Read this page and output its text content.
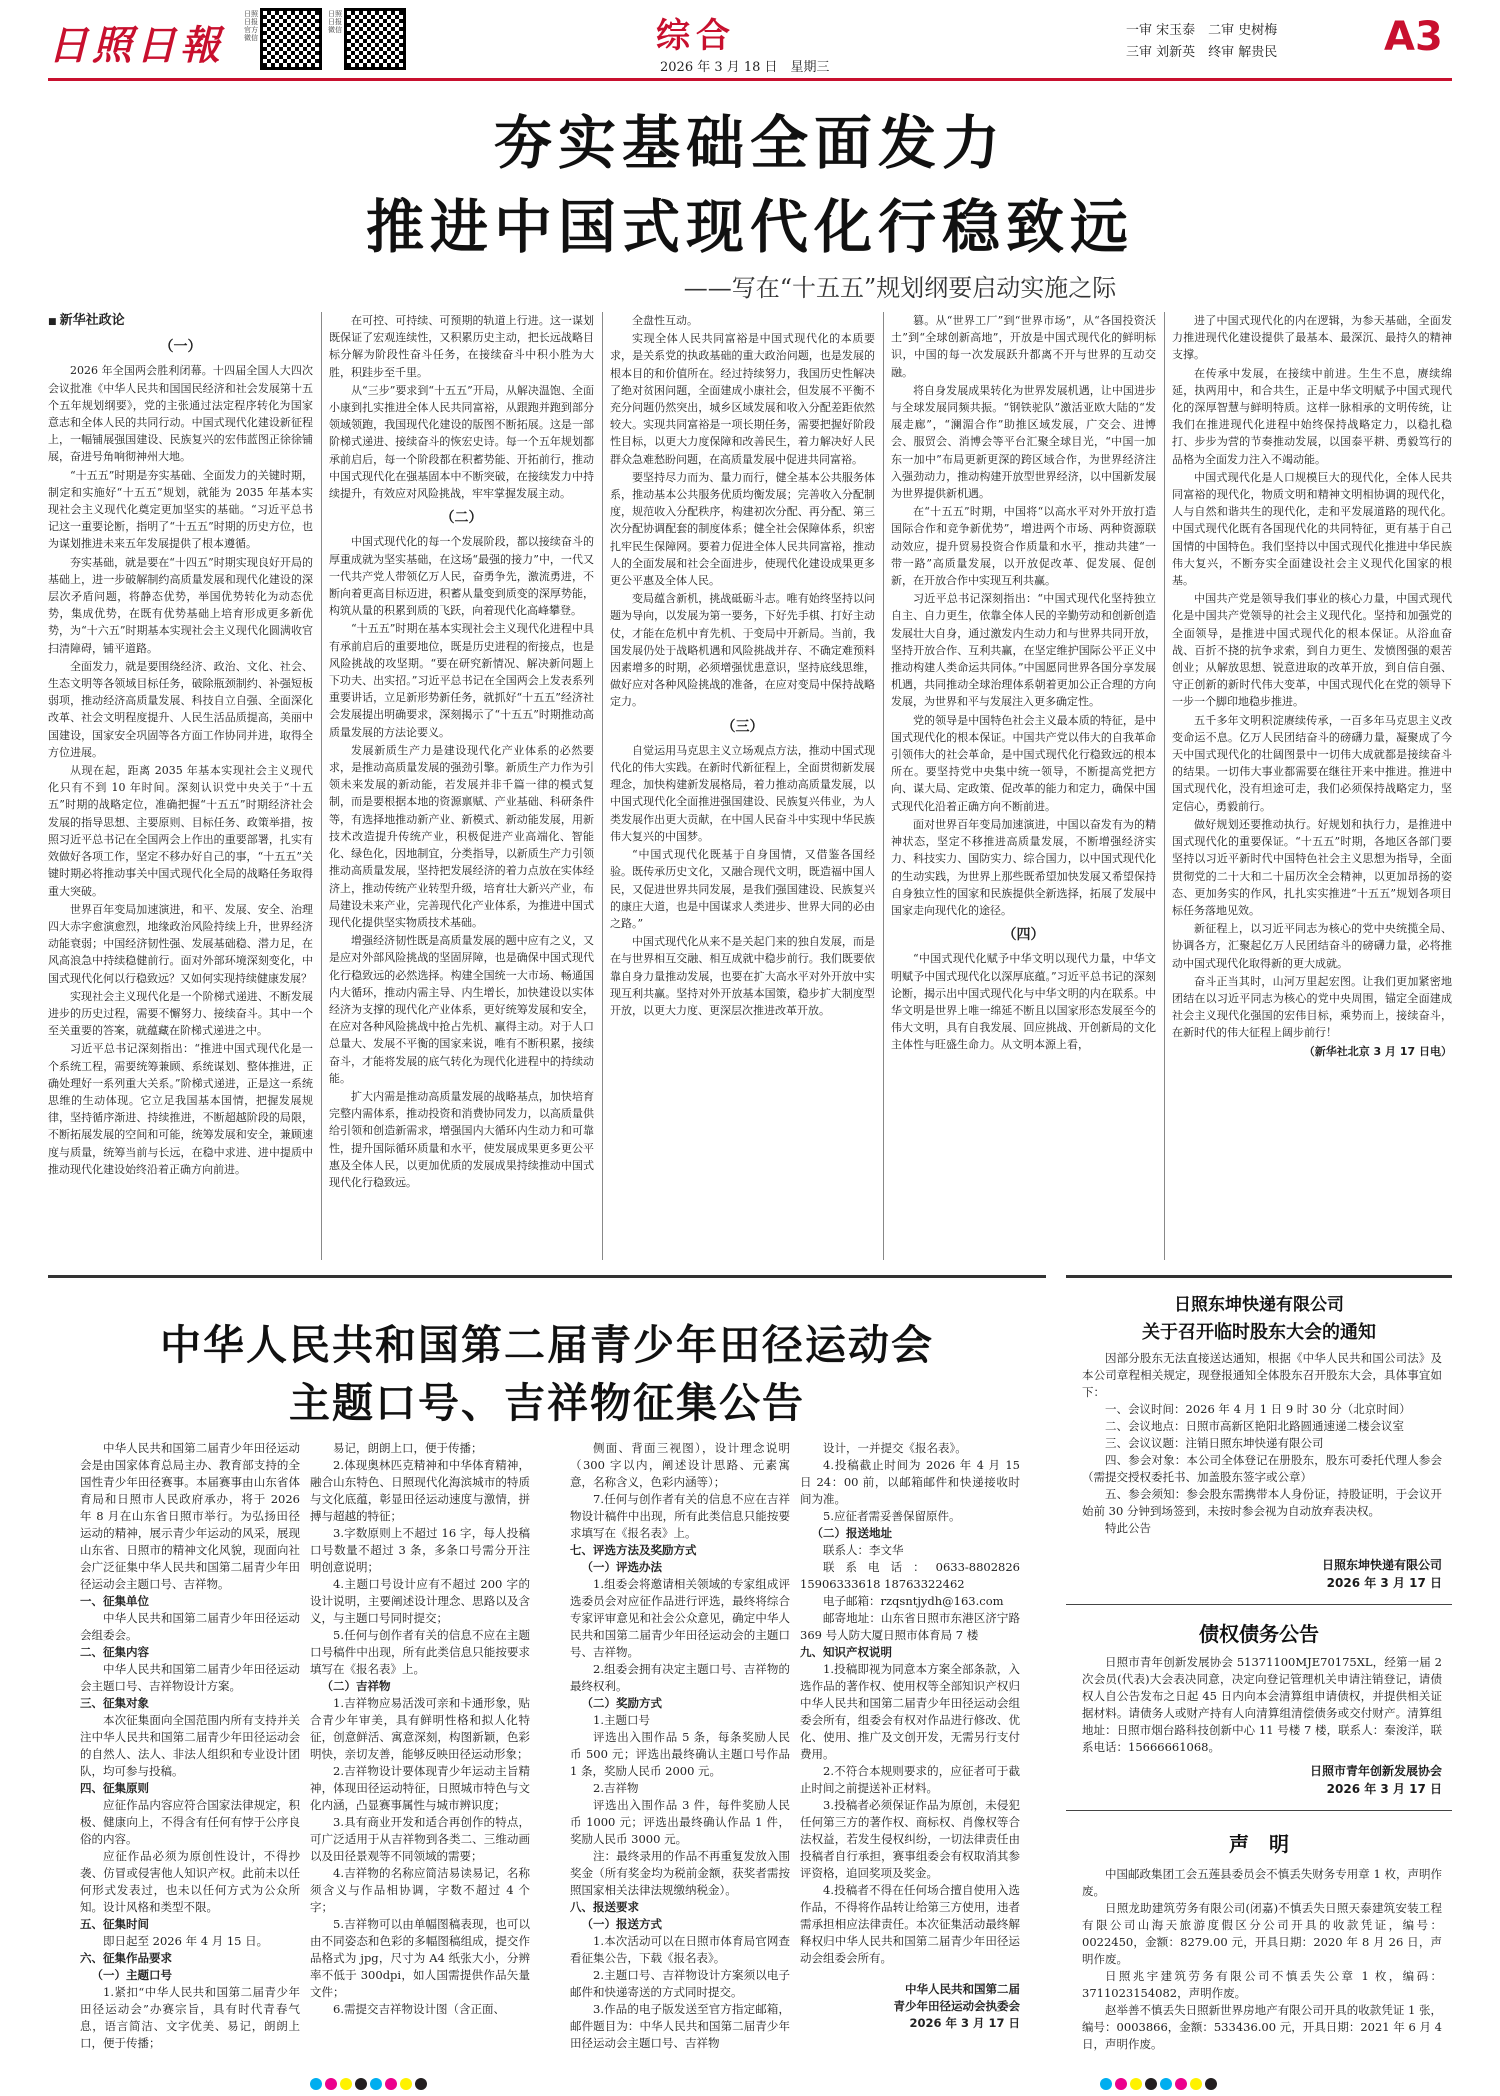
日照日報
日照日报官方微信
日照日报微信	综合
2026 年 3 月 18 日　星期三
一审 宋玉泰　二审 史树梅
三审 刘新英　终审 解贵民	A3
夯实基础全面发力
推进中国式现代化行稳致远
——写在“十五五”规划纲要启动实施之际

■ 新华社政论

（一）

2026 年全国两会胜利闭幕。十四届全国人大四次会议批准《中华人民共和国国民经济和社会发展第十五个五年规划纲要》，党的主张通过法定程序转化为国家意志和全体人民的共同行动。中国式现代化建设新征程上，一幅铺展强国建设、民族复兴的宏伟蓝图正徐徐铺展，奋进号角响彻神州大地。

“十五五”时期是夯实基础、全面发力的关键时期，制定和实施好“十五五”规划，就能为 2035 年基本实现社会主义现代化奠定更加坚实的基础。“习近平总书记这一重要论断，指明了“十五五”时期的历史方位，也为谋划推进未来五年发展提供了根本遵循。

夯实基础，就是要在“十四五”时期实现良好开局的基础上，进一步破解制约高质量发展和现代化建设的深层次矛盾问题，将静态优势，举国优势转化为动态优势，集成优势，在既有优势基础上培育形成更多新优势，为“十六五”时期基本实现社会主义现代化圆满收官扫清障碍，铺平道路。

全面发力，就是要围绕经济、政治、文化、社会、生态文明等各领域目标任务，破除瓶颈制约、补强短板弱项，推动经济高质量发展、科技自立自强、全面深化改革、社会文明程度提升、人民生活品质提高，美丽中国建设，国家安全巩固等各方面工作协同并进，取得全方位进展。

从现在起，距离 2035 年基本实现社会主义现代化只有不到 10 年时间。深刻认识党中央关于“十五五”时期的战略定位，准确把握“十五五”时期经济社会发展的指导思想、主要原则、目标任务、政策举措，按照习近平总书记在全国两会上作出的重要部署，扎实有效做好各项工作，坚定不移办好自己的事，“十五五”关键时期必将推动事关中国式现代化全局的战略任务取得重大突破。

世界百年变局加速演进，和平、发展、安全、治理四大赤字愈演愈烈，地缘政治风险持续上升，世界经济动能衰弱；中国经济韧性强、发展基础稳、潜力足，在风高浪急中持续稳健前行。面对外部环境深刻变化，中国式现代化何以行稳致远？又如何实现持续健康发展？

实现社会主义现代化是一个阶梯式递进、不断发展进步的历史过程，需要不懈努力、接续奋斗。其中一个至关重要的答案，就蕴藏在阶梯式递进之中。

习近平总书记深刻指出：“推进中国式现代化是一个系统工程，需要统筹兼顾、系统谋划、整体推进，正确处理好一系列重大关系。”阶梯式递进，正是这一系统思维的生动体现。它立足我国基本国情，把握发展规律，坚持循序渐进、持续推进，不断超越阶段的局限，不断拓展发展的空间和可能，统筹发展和安全，兼顾速度与质量，统筹当前与长远，在稳中求进、进中提质中推动现代化建设始终沿着正确方向前进。

在可控、可持续、可预期的轨道上行进。这一谋划既保证了宏观连续性，又积累历史主动，把长远战略目标分解为阶段性奋斗任务，在接续奋斗中积小胜为大胜，积跬步至千里。

从“三步”要求到“十五五”开局，从解决温饱、全面小康到扎实推进全体人民共同富裕，从跟跑并跑到部分领域领跑，我国现代化建设的版图不断拓展。这是一部阶梯式递进、接续奋斗的恢宏史诗。每一个五年规划都承前启后，每一个阶段都在积蓄势能、开拓前行，推动中国式现代化在强基固本中不断突破，在接续发力中持续提升，有效应对风险挑战，牢牢掌握发展主动。

（二）

中国式现代化的每一个发展阶段，都以接续奋斗的厚重成就为坚实基础，在这场“最强的接力”中，一代又一代共产党人带领亿万人民，奋勇争先，激流勇进，不断向着更高目标迈进，积蓄从量变到质变的深厚势能，构筑从量的积累到质的飞跃，向着现代化高峰攀登。

“十五五”时期在基本实现社会主义现代化进程中具有承前启后的重要地位，既是历史进程的衔接点，也是风险挑战的攻坚期。“要在研究新情况、解决新问题上下功夫、出实招。”习近平总书记在全国两会上发表系列重要讲话，立足新形势新任务，就抓好“十五五”经济社会发展提出明确要求，深刻揭示了“十五五”时期推动高质量发展的方法论要义。

发展新质生产力是建设现代化产业体系的必然要求，是推动高质量发展的强劲引擎。新质生产力作为引领未来发展的新动能，若发展并非千篇一律的模式复制，而是要根据本地的资源禀赋、产业基础、科研条件等，有选择地推动新产业、新模式、新动能发展，用新技术改造提升传统产业，积极促进产业高端化、智能化、绿色化，因地制宜，分类指导，以新质生产力引领推动高质量发展，坚持把发展经济的着力点放在实体经济上，推动传统产业转型升级，培育壮大新兴产业，布局建设未来产业，完善现代化产业体系，为推进中国式现代化提供坚实物质技术基础。

增强经济韧性既是高质量发展的题中应有之义，又是应对外部风险挑战的坚固屏障，也是确保中国式现代化行稳致远的必然选择。构建全国统一大市场、畅通国内大循环，推动内需主导、内生增长，加快建设以实体经济为支撑的现代化产业体系，更好统筹发展和安全，在应对各种风险挑战中抢占先机、赢得主动。对于人口总量大、发展不平衡的国家来说，唯有不断积累，接续奋斗，才能将发展的底气转化为现代化进程中的持续动能。

扩大内需是推动高质量发展的战略基点，加快培育完整内需体系，推动投资和消费协同发力，以高质量供给引领和创造新需求，增强国内大循环内生动力和可靠性，提升国际循环质量和水平，使发展成果更多更公平惠及全体人民，以更加优质的发展成果持续推动中国式现代化行稳致远。

全盘性互动。

实现全体人民共同富裕是中国式现代化的本质要求，是关系党的执政基础的重大政治问题，也是发展的根本目的和价值所在。经过持续努力，我国历史性解决了绝对贫困问题，全面建成小康社会，但发展不平衡不充分问题仍然突出，城乡区域发展和收入分配差距依然较大。实现共同富裕是一项长期任务，需要把握好阶段性目标，以更大力度保障和改善民生，着力解决好人民群众急难愁盼问题，在高质量发展中促进共同富裕。

要坚持尽力而为、量力而行，健全基本公共服务体系，推动基本公共服务优质均衡发展；完善收入分配制度，规范收入分配秩序，构建初次分配、再分配、第三次分配协调配套的制度体系；健全社会保障体系，织密扎牢民生保障网。要着力促进全体人民共同富裕，推动人的全面发展和社会全面进步，使现代化建设成果更多更公平惠及全体人民。

变局蕴含新机，挑战砥砺斗志。唯有始终坚持以问题为导向，以发展为第一要务，下好先手棋、打好主动仗，才能在危机中育先机、于变局中开新局。当前，我国发展仍处于战略机遇和风险挑战并存、不确定难预料因素增多的时期，必须增强忧患意识，坚持底线思维，做好应对各种风险挑战的准备，在应对变局中保持战略定力。

（三）

自觉运用马克思主义立场观点方法，推动中国式现代化的伟大实践。在新时代新征程上，全面贯彻新发展理念，加快构建新发展格局，着力推动高质量发展，以中国式现代化全面推进强国建设、民族复兴伟业，为人类发展作出更大贡献，在中国人民奋斗中实现中华民族伟大复兴的中国梦。

“中国式现代化既基于自身国情，又借鉴各国经验。既传承历史文化，又融合现代文明，既造福中国人民，又促进世界共同发展，是我们强国建设、民族复兴的康庄大道，也是中国谋求人类进步、世界大同的必由之路。”

中国式现代化从来不是关起门来的独自发展，而是在与世界相互交融、相互成就中稳步前行。我们既要依靠自身力量推动发展，也要在扩大高水平对外开放中实现互利共赢。坚持对外开放基本国策，稳步扩大制度型开放，以更大力度、更深层次推进改革开放。

篡。从“世界工厂”到“世界市场”，从“各国投资沃土”到“全球创新高地”，开放是中国式现代化的鲜明标识，中国的每一次发展跃升都离不开与世界的互动交融。

将自身发展成果转化为世界发展机遇，让中国进步与全球发展同频共振。“钢铁驼队”激活亚欧大陆的“发展走廊”，“澜湄合作”助推区域发展，广交会、进博会、服贸会、消博会等平台汇聚全球目光，“中国一加东一加中”布局更新更深的跨区域合作，为世界经济注入强劲动力，推动构建开放型世界经济，以中国新发展为世界提供新机遇。

在“十五五”时期，中国将“以高水平对外开放打造国际合作和竞争新优势”，增进两个市场、两种资源联动效应，提升贸易投资合作质量和水平，推动共建“一带一路”高质量发展，以开放促改革、促发展、促创新，在开放合作中实现互利共赢。

习近平总书记深刻指出：“中国式现代化坚持独立自主、自力更生，依靠全体人民的辛勤劳动和创新创造发展壮大自身，通过激发内生动力和与世界共同开放，坚持开放合作、互利共赢，在坚定维护国际公平正义中推动构建人类命运共同体。”中国愿同世界各国分享发展机遇，共同推动全球治理体系朝着更加公正合理的方向发展，为世界和平与发展注入更多确定性。

党的领导是中国特色社会主义最本质的特征，是中国式现代化的根本保证。中国共产党以伟大的自我革命引领伟大的社会革命，是中国式现代化行稳致远的根本所在。要坚持党中央集中统一领导，不断提高党把方向、谋大局、定政策、促改革的能力和定力，确保中国式现代化沿着正确方向不断前进。

面对世界百年变局加速演进，中国以奋发有为的精神状态，坚定不移推进高质量发展，不断增强经济实力、科技实力、国防实力、综合国力，以中国式现代化的生动实践，为世界上那些既希望加快发展又希望保持自身独立性的国家和民族提供全新选择，拓展了发展中国家走向现代化的途径。

（四）

“中国式现代化赋予中华文明以现代力量，中华文明赋予中国式现代化以深厚底蕴。”习近平总书记的深刻论断，揭示出中国式现代化与中华文明的内在联系。中华文明是世界上唯一绵延不断且以国家形态发展至今的伟大文明，具有自我发展、回应挑战、开创新局的文化主体性与旺盛生命力。从文明本源上看，

进了中国式现代化的内在逻辑，为参天基础，全面发力推进现代化建设提供了最基本、最深沉、最持久的精神支撑。

在传承中发展，在接续中前进。生生不息，赓续绵延，执两用中，和合共生，正是中华文明赋予中国式现代化的深厚智慧与鲜明特质。这样一脉相承的文明传统，让我们在推进现代化进程中始终保持战略定力，以稳扎稳打、步步为营的节奏推动发展，以国泰平耕、勇毅笃行的品格为全面发力注入不竭动能。

中国式现代化是人口规模巨大的现代化，全体人民共同富裕的现代化，物质文明和精神文明相协调的现代化，人与自然和谐共生的现代化，走和平发展道路的现代化。中国式现代化既有各国现代化的共同特征，更有基于自己国情的中国特色。我们坚持以中国式现代化推进中华民族伟大复兴，不断夯实全面建设社会主义现代化国家的根基。

中国共产党是领导我们事业的核心力量，中国式现代化是中国共产党领导的社会主义现代化。坚持和加强党的全面领导，是推进中国式现代化的根本保证。从浴血奋战、百折不挠的抗争求索，到自力更生、发愤图强的艰苦创业；从解放思想、锐意进取的改革开放，到自信自强、守正创新的新时代伟大变革，中国式现代化在党的领导下一步一个脚印地稳步推进。

五千多年文明积淀赓续传承，一百多年马克思主义改变命运不息。亿万人民团结奋斗的磅礴力量，凝聚成了今天中国式现代化的壮阔图景中一切伟大成就都是接续奋斗的结果。一切伟大事业都需要在继往开来中推进。推进中国式现代化，没有坦途可走，我们必须保持战略定力，坚定信心，勇毅前行。

做好规划还要推动执行。好规划和执行力，是推进中国式现代化的重要保证。“十五五”时期，各地区各部门要坚持以习近平新时代中国特色社会主义思想为指导，全面贯彻党的二十大和二十届历次全会精神，以更加昂扬的姿态、更加务实的作风，扎扎实实推进“十五五”规划各项目标任务落地见效。

新征程上，以习近平同志为核心的党中央统揽全局、协调各方，汇聚起亿万人民团结奋斗的磅礴力量，必将推动中国式现代化取得新的更大成就。

奋斗正当其时，山河万里起宏图。让我们更加紧密地团结在以习近平同志为核心的党中央周围，锚定全面建成社会主义现代化强国的宏伟目标，乘势而上，接续奋斗，在新时代的伟大征程上阔步前行！

（新华社北京 3 月 17 日电）

中华人民共和国第二届青少年田径运动会
主题口号、吉祥物征集公告

中华人民共和国第二届青少年田径运动会是由国家体育总局主办、教育部支持的全国性青少年田径赛事。本届赛事由山东省体育局和日照市人民政府承办，将于 2026 年 8 月在山东省日照市举行。为弘扬田径运动的精神，展示青少年运动的风采，展现山东省、日照市的精神文化风貌，现面向社会广泛征集中华人民共和国第二届青少年田径运动会主题口号、吉祥物。

一、征集单位

中华人民共和国第二届青少年田径运动会组委会。

二、征集内容

中华人民共和国第二届青少年田径运动会主题口号、吉祥物设计方案。

三、征集对象

本次征集面向全国范围内所有支持并关注中华人民共和国第二届青少年田径运动会的自然人、法人、非法人组织和专业设计团队，均可参与投稿。

四、征集原则

应征作品内容应符合国家法律规定，积极、健康向上，不得含有任何有悖于公序良俗的内容。

应征作品必须为原创性设计，不得抄袭、仿冒或侵害他人知识产权。此前未以任何形式发表过，也未以任何方式为公众所知。设计风格和类型不限。

五、征集时间

即日起至 2026 年 4 月 15 日。

六、征集作品要求

（一）主题口号

1.紧扣“中华人民共和国第二届青少年田径运动会”办赛宗旨，具有时代青春气息，语言简洁、文字优美、易记，朗朗上口，便于传播；

易记，朗朗上口，便于传播；

2.体现奥林匹克精神和中华体育精神，融合山东特色、日照现代化海滨城市的特质与文化底蕴，彰显田径运动速度与激情，拼搏与超越的特征；

3.字数原则上不超过 16 字，每人投稿口号数量不超过 3 条，多条口号需分开注明创意说明；

4.主题口号设计应有不超过 200 字的设计说明，主要阐述设计理念、思路以及含义，与主题口号同时提交；

5.任何与创作者有关的信息不应在主题口号稿件中出现，所有此类信息只能按要求填写在《报名表》上。

（二）吉祥物

1.吉祥物应易活泼可亲和卡通形象，贴合青少年审美，具有鲜明性格和拟人化特征，创意鲜活、寓意深刻，构图新颖，色彩明快，亲切友善，能够反映田径运动形象；

2.吉祥物设计要体现青少年运动主旨精神，体现田径运动特征，日照城市特色与文化内涵，凸显赛事属性与城市辨识度；

3.具有商业开发和适合再创作的特点，可广泛适用于从吉祥物到各类二、三维动画以及田径景观等不同领域的需要；

4.吉祥物的名称应简洁易读易记，名称须含义与作品相协调，字数不超过 4 个字；

5.吉祥物可以由单幅图稿表现，也可以由不同姿态和色彩的多幅图稿组成，提交作品格式为 jpg，尺寸为 A4 纸张大小，分辨率不低于 300dpi，如人国需提供作品矢量文件；

6.需提交吉祥物设计图（含正面、

侧面、背面三视图），设计理念说明（300 字以内，阐述设计思路、元素寓意，名称含义，色彩内涵等）；

7.任何与创作者有关的信息不应在吉祥物设计稿件中出现，所有此类信息只能按要求填写在《报名表》上。

七、评选方法及奖励方式

（一）评选办法

1.组委会将邀请相关领域的专家组成评选委员会对应征作品进行评选，最终将综合专家评审意见和社会公众意见，确定中华人民共和国第二届青少年田径运动会的主题口号、吉祥物。

2.组委会拥有决定主题口号、吉祥物的最终权利。

（二）奖励方式

1.主题口号

评选出入围作品 5 条，每条奖励人民币 500 元；评选出最终确认主题口号作品 1 条，奖励人民币 2000 元。

2.吉祥物

评选出入围作品 3 件，每件奖励人民币 1000 元；评选出最终确认作品 1 件，奖励人民币 3000 元。

注：最终录用的作品不再重复发放入围奖金（所有奖金均为税前金额，获奖者需按照国家相关法律法规缴纳税金）。

八、报送要求

（一）报送方式

1.本次活动可以在日照市体育局官网查看征集公告，下载《报名表》。

2.主题口号、吉祥物设计方案须以电子邮件和快递寄送的方式同时提交。

3.作品的电子版发送至官方指定邮箱，邮件题目为：中华人民共和国第二届青少年田径运动会主题口号、吉祥物

设计，一并提交《报名表》。

4.投稿截止时间为 2026 年 4 月 15 日 24：00 前，以邮箱邮件和快递接收时间为准。

5.应征者需妥善保留原件。

（二）报送地址

联系人：李文华

联系电话：0633-8802826 15906333618 18763322462

电子邮箱：rzqsntjydh@163.com

邮寄地址：山东省日照市东港区济宁路 369 号人防大厦日照市体育局 7 楼

九、知识产权说明

1.投稿即视为同意本方案全部条款，入选作品的著作权、使用权等全部知识产权归中华人民共和国第二届青少年田径运动会组委会所有，组委会有权对作品进行修改、优化、使用、推广及文创开发，无需另行支付费用。

2.不符合本规则要求的，应征者可于截止时间之前提送补正材料。

3.投稿者必须保证作品为原创，未侵犯任何第三方的著作权、商标权、肖像权等合法权益，若发生侵权纠纷，一切法律责任由投稿者自行承担，赛事组委会有权取消其参评资格，追回奖项及奖金。

4.投稿者不得在任何场合擅自使用入选作品，不得将作品转让给第三方使用，违者需承担相应法律责任。本次征集活动最终解释权归中华人民共和国第二届青少年田径运动会组委会所有。

中华人民共和国第二届

青少年田径运动会执委会

2026 年 3 月 17 日

日照东坤快递有限公司
关于召开临时股东大会的通知

因部分股东无法直接送达通知，根据《中华人民共和国公司法》及本公司章程相关规定，现登报通知全体股东召开股东大会，具体事宜如下：

一、会议时间：2026 年 4 月 1 日 9 时 30 分（北京时间）

二、会议地点：日照市高新区艳阳北路圆通速递二楼会议室

三、会议议题：注销日照东坤快递有限公司

四、参会对象：本公司全体登记在册股东，股东可委托代理人参会（需提交授权委托书、加盖股东签字或公章）

五、参会须知：参会股东需携带本人身份证，持股证明，于会议开始前 30 分钟到场签到，未按时参会视为自动放弃表决权。

特此公告

日照东坤快递有限公司
2026 年 3 月 17 日
债权债务公告

日照市青年创新发展协会 51371100MJE70175XL，经第一届 2 次会员(代表)大会表决同意，决定向登记管理机关申请注销登记，请债权人自公告发布之日起 45 日内向本会清算组申请债权，并提供相关证据材料。请债务人或财产持有人向清算组清偿债务或交付财产。清算组地址：日照市烟台路科技创新中心 11 号楼 7 楼，联系人：秦浚洋，联系电话：15666661068。

日照市青年创新发展协会
2026 年 3 月 17 日
声　明

中国邮政集团工会五莲县委员会不慎丢失财务专用章 1 枚，声明作废。

日照龙助建筑劳务有限公司(闭嘉)不慎丢失日照天泰建筑安装工程有限公司山海天旅游度假区分公司开具的收款凭证，编号：0022450，金额：8279.00 元，开具日期：2020 年 8 月 26 日，声明作废。

日照兆宇建筑劳务有限公司不慎丢失公章 1 枚，编码：3711023154082，声明作废。

赵举善不慎丢失日照新世界房地产有限公司开具的收款凭证 1 张，编号：0003866，金额：533436.00 元，开具日期：2021 年 6 月 4 日，声明作废。
